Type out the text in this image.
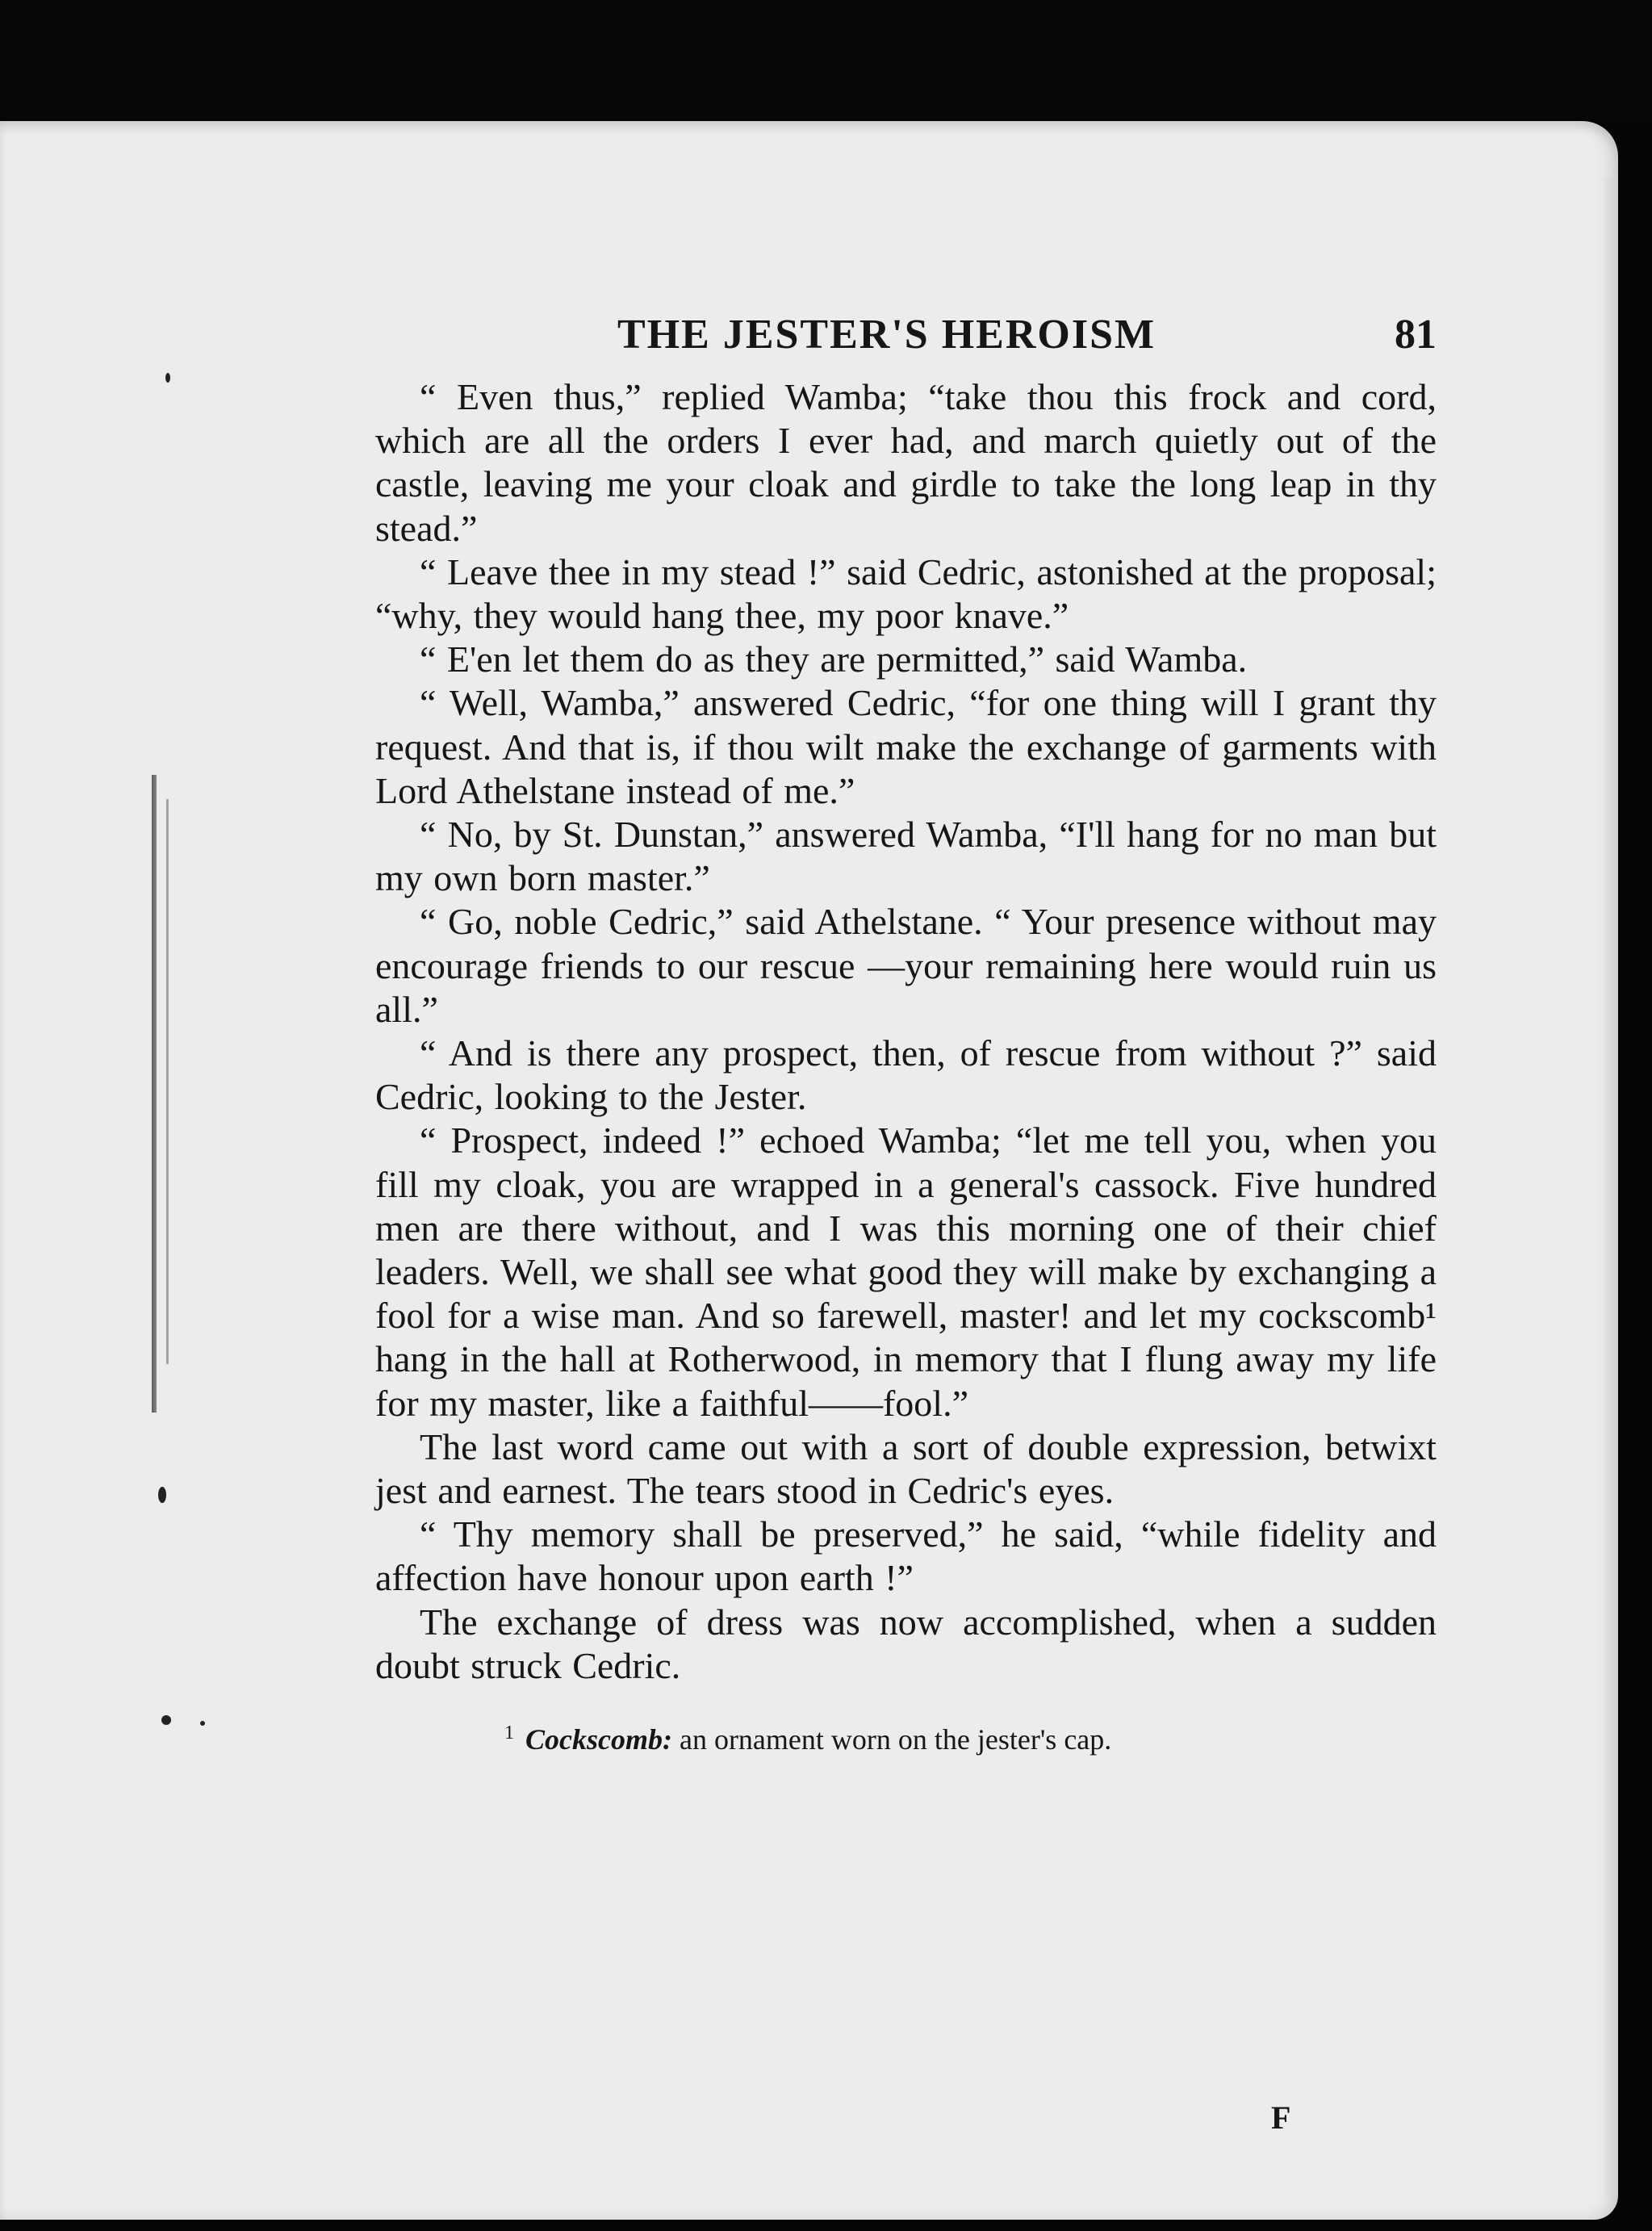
THE JESTER'S HEROISM	81

“ Even thus,” replied Wamba; “take thou this frock and cord, which are all the orders I ever had, and march quietly out of the castle, leaving me your cloak and girdle to take the long leap in thy stead.”

“ Leave thee in my stead !” said Cedric, astonished at the proposal; “why, they would hang thee, my poor knave.”

“ E'en let them do as they are permitted,” said Wamba.

“ Well, Wamba,” answered Cedric, “for one thing will I grant thy request. And that is, if thou wilt make the exchange of garments with Lord Athelstane instead of me.”

“ No, by St. Dunstan,” answered Wamba, “I'll hang for no man but my own born master.”

“ Go, noble Cedric,” said Athelstane. “ Your presence without may encourage friends to our rescue —your remaining here would ruin us all.”

“ And is there any prospect, then, of rescue from without ?” said Cedric, looking to the Jester.

“ Prospect, indeed !” echoed Wamba; “let me tell you, when you fill my cloak, you are wrapped in a general's cassock. Five hundred men are there without, and I was this morning one of their chief leaders. Well, we shall see what good they will make by exchanging a fool for a wise man. And so farewell, master! and let my cockscomb¹ hang in the hall at Rotherwood, in memory that I flung away my life for my master, like a faithful——fool.”

The last word came out with a sort of double expression, betwixt jest and earnest. The tears stood in Cedric's eyes.

“ Thy memory shall be preserved,” he said, “while fidelity and affection have honour upon earth !”

The exchange of dress was now accomplished, when a sudden doubt struck Cedric.

$^1$ Cockscomb: an ornament worn on the jester's cap.
F
